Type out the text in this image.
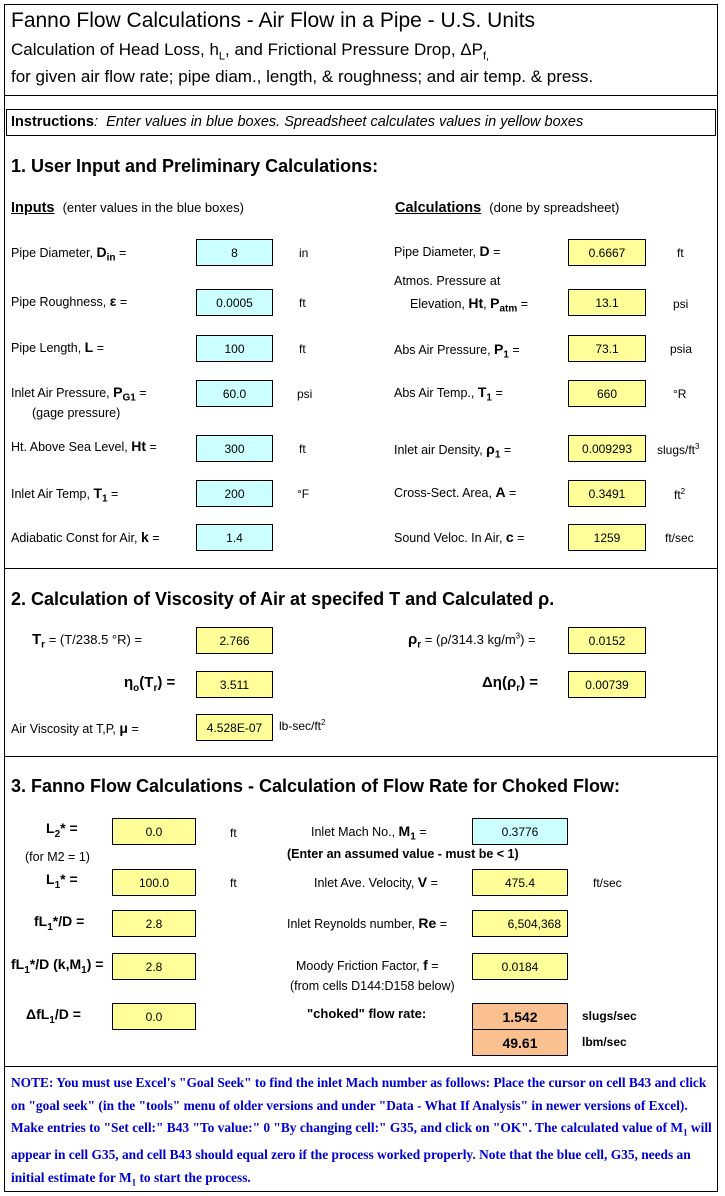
Fanno Flow Calculations - Air Flow in a Pipe - U.S. Units
Calculation of Head Loss, $h_L$, and Frictional Pressure Drop, $\Delta P_{f,}$
for given air flow rate; pipe diam., length, & roughness; and air temp. & press.
Instructions: Enter values in blue boxes. Spreadsheet calculates values in yellow boxes
1. User Input and Preliminary Calculations:
Inputs (enter values in the blue boxes)	Calculations (done by spreadsheet)
Pipe Diameter, $D_{in}$ =	8	in
Pipe Roughness, ε =	0.0005	ft
Pipe Length, L =	100	ft
Inlet Air Pressure, $P_{G1}$ =
(gage pressure)
60.0	psi
Ht. Above Sea Level, Ht =	300	ft
Inlet Air Temp, $T_1$ =	200	°F
Adiabatic Const for Air, k =	1.4
Pipe Diameter, D =	0.6667	ft
Atmos. Pressure at
Elevation, Ht, $P_{atm}$ =	13.1	psi
Abs Air Pressure, $P_1$ =	73.1	psia
Abs Air Temp., $T_1$ =	660	°R
Inlet air Density, $\rho_1$ =	0.009293	slugs/$ft^3$
Cross-Sect. Area, A =	0.3491	$ft^2$
Sound Veloc. In Air, c =	1259	ft/sec
2. Calculation of Viscosity of Air at specifed T and Calculated ρ.
$T_r = (T/238.5$ °R) =	2.766	$\rho_r = (\rho/314.3$ $kg/m^3$) =	0.0152
$\eta_o(T_r)$ =	3.511	$\Delta\eta(\rho_r)$ =	0.00739
Air Viscosity at T,P, μ =	4.528E-07	$lb-\sec/ft^2$
3. Fanno Flow Calculations - Calculation of Flow Rate for Choked Flow:
$L_2*$ =
(for M2 = 1)
0.0	ft
$L_1*$ =	100.0	ft
$fL_1*/D$ =	2.8
$fL_1*/D$ $(k,M_1)$ =	2.8
ΔfL$_1$/D =	0.0
Inlet Mach No., $M_1$ =	0.3776
(Enter an assumed value - must be < 1)
Inlet Ave. Velocity, V =	475.4	ft/sec
Inlet Reynolds number, Re =	6,504,368
Moody Friction Factor, f =
(from cells D144:D158 below)
0.0184
"choked" flow rate:	1.542	slugs/sec
49.61	lbm/sec
NOTE: You must use Excel's "Goal Seek" to find the inlet Mach number as follows: Place the cursor on cell B43 and click on "goal seek" (in the "tools" menu of older versions and under "Data - What If Analysis" in newer versions of Excel). Make entries to "Set cell:" B43 "To value:" 0 "By changing cell:" G35, and click on "OK". The calculated value of $M_1$ will appear in cell G35, and cell B43 should equal zero if the process worked properly. Note that the blue cell, G35, needs an initial estimate for $M_1$ to start the process.
